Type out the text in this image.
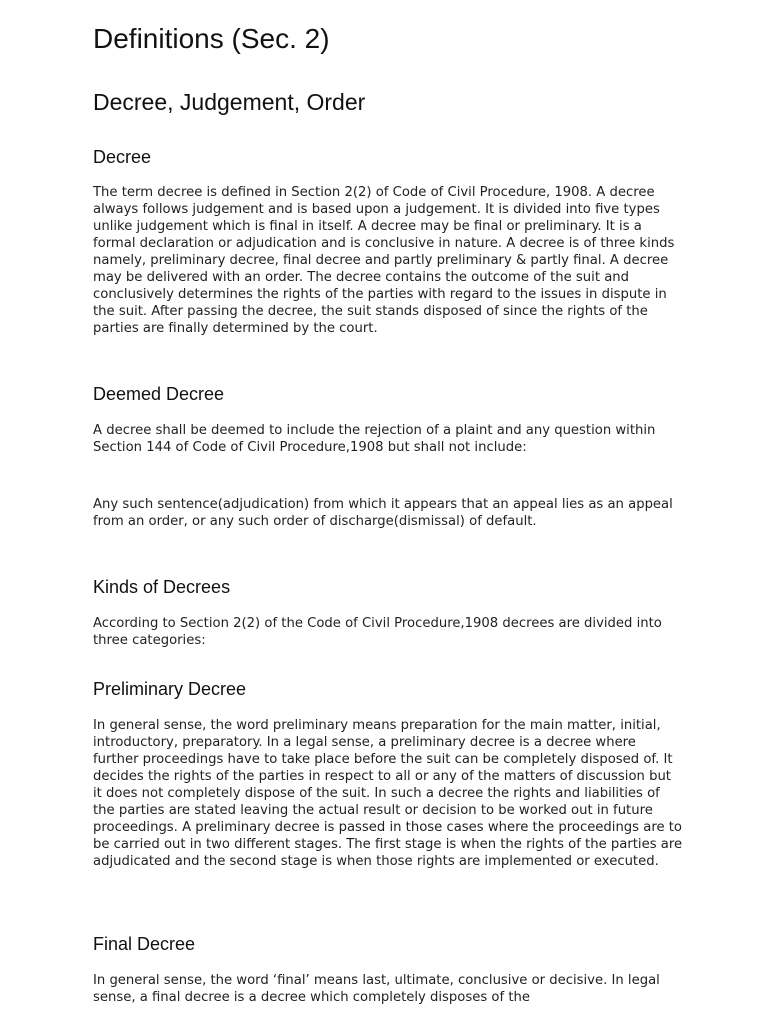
Definitions (Sec. 2)
Decree, Judgement, Order
Decree

The term decree is defined in Section 2(2) of Code of Civil Procedure, 1908. A decree always follows judgement and is based upon a judgement. It is divided into five types unlike judgement which is final in itself. A decree may be final or preliminary. It is a formal declaration or adjudication and is conclusive in nature. A decree is of three kinds namely, preliminary decree, final decree and partly preliminary & partly final. A decree may be delivered with an order. The decree contains the outcome of the suit and conclusively determines the rights of the parties with regard to the issues in dispute in the suit. After passing the decree, the suit stands disposed of since the rights of the parties are finally determined by the court.

Deemed Decree

A decree shall be deemed to include the rejection of a plaint and any question within Section 144 of Code of Civil Procedure,1908 but shall not include:

Any such sentence(adjudication) from which it appears that an appeal lies as an appeal from an order, or any such order of discharge(dismissal) of default.

Kinds of Decrees

According to Section 2(2) of the Code of Civil Procedure,1908 decrees are divided into three categories:

Preliminary Decree

In general sense, the word preliminary means preparation for the main matter, initial, introductory, preparatory. In a legal sense, a preliminary decree is a decree where further proceedings have to take place before the suit can be completely disposed of. It decides the rights of the parties in respect to all or any of the matters of discussion but it does not completely dispose of the suit. In such a decree the rights and liabilities of the parties are stated leaving the actual result or decision to be worked out in future proceedings. A preliminary decree is passed in those cases where the proceedings are to be carried out in two different stages. The first stage is when the rights of the parties are adjudicated and the second stage is when those rights are implemented or executed.

Final Decree

In general sense, the word ‘final’ means last, ultimate, conclusive or decisive. In legal sense, a final decree is a decree which completely disposes of the
